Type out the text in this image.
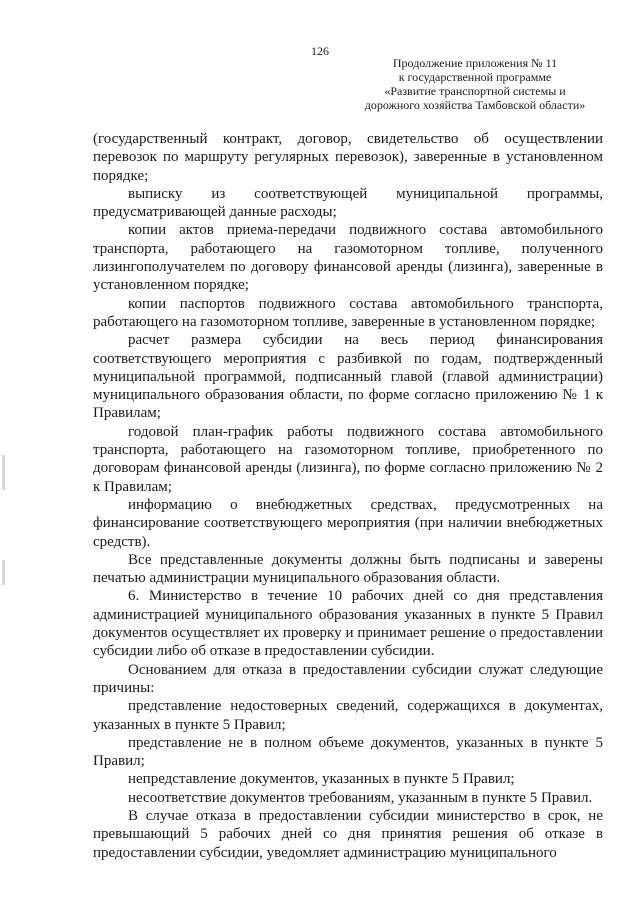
126
Продолжение приложения № 11
к государственной программе
«Развитие транспортной системы и
дорожного хозяйства Тамбовской области»

(государственный контракт, договор, свидетельство об осуществлении перевозок по маршруту регулярных перевозок), заверенные в установленном порядке;

выписку из соответствующей муниципальной программы, предусматривающей данные расходы;

копии актов приема-передачи подвижного состава автомобильного транспорта, работающего на газомоторном топливе, полученного лизингополучателем по договору финансовой аренды (лизинга), заверенные в установленном порядке;

копии паспортов подвижного состава автомобильного транспорта, работающего на газомоторном топливе, заверенные в установленном порядке;

расчет размера субсидии на весь период финансирования соответствующего мероприятия с разбивкой по годам, подтвержденный муниципальной программой, подписанный главой (главой администрации) муниципального образования области, по форме согласно приложению № 1 к Правилам;

годовой план-график работы подвижного состава автомобильного транспорта, работающего на газомоторном топливе, приобретенного по договорам финансовой аренды (лизинга), по форме согласно приложению № 2 к Правилам;

информацию о внебюджетных средствах, предусмотренных на финансирование соответствующего мероприятия (при наличии внебюджетных средств).

Все представленные документы должны быть подписаны и заверены печатью администрации муниципального образования области.

6. Министерство в течение 10 рабочих дней со дня представления администрацией муниципального образования указанных в пункте 5 Правил документов осуществляет их проверку и принимает решение о предоставлении субсидии либо об отказе в предоставлении субсидии.

Основанием для отказа в предоставлении субсидии служат следующие причины:

представление недостоверных сведений, содержащихся в документах, указанных в пункте 5 Правил;

представление не в полном объеме документов, указанных в пункте 5 Правил;

непредставление документов, указанных в пункте 5 Правил;

несоответствие документов требованиям, указанным в пункте 5 Правил.

В случае отказа в предоставлении субсидии министерство в срок, не превышающий 5 рабочих дней со дня принятия решения об отказе в предоставлении субсидии, уведомляет администрацию муниципального
